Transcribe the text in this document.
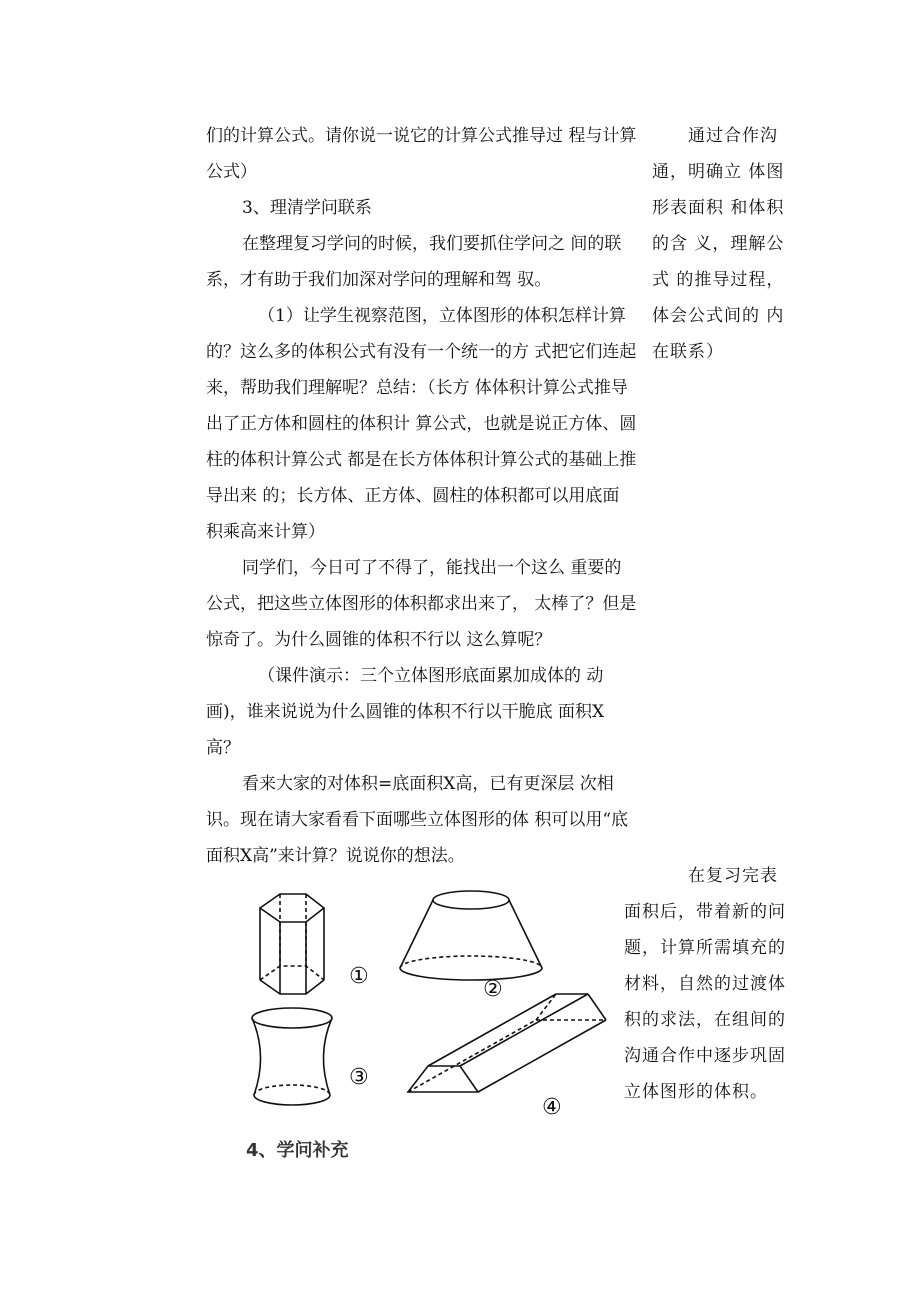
们的计算公式。请你说一说它的计算公式推导过 程与计算公式）

3、理清学问联系

在整理复习学问的时候，我们要抓住学问之 间的联系，才有助于我们加深对学问的理解和驾 驭。

（1）让学生视察范图，立体图形的体积怎样计算的？这么多的体积公式有没有一个统一的方 式把它们连起来，帮助我们理解呢？总结：（长方 体体积计算公式推导出了正方体和圆柱的体积计 算公式，也就是说正方体、圆柱的体积计算公式 都是在长方体体积计算公式的基础上推导出来 的；长方体、正方体、圆柱的体积都可以用底面 积乘高来计算）

同学们，今日可了不得了，能找出一个这么 重要的公式，把这些立体图形的体积都求出来了， 太棒了？但是惊奇了。为什么圆锥的体积不行以 这么算呢？

（课件演示：三个立体图形底面累加成体的 动画)，谁来说说为什么圆锥的体积不行以干脆底 面积X高？

看来大家的对体积=底面积X高，已有更深层 次相识。现在请大家看看下面哪些立体图形的体 积可以用“底面积X高”来计算？说说你的想法。

通过合作沟通，明确立 体图形表面积 和体积的含 义，理解公式 的推导过程， 体会公式间的 内在联系）

在复习完表面积后，带着新的问题，计算所需填充的材料，自然的过渡体积的求法，在组间的沟通合作中逐步巩固立体图形的体积。

①
②
③
④
4、学问补充
